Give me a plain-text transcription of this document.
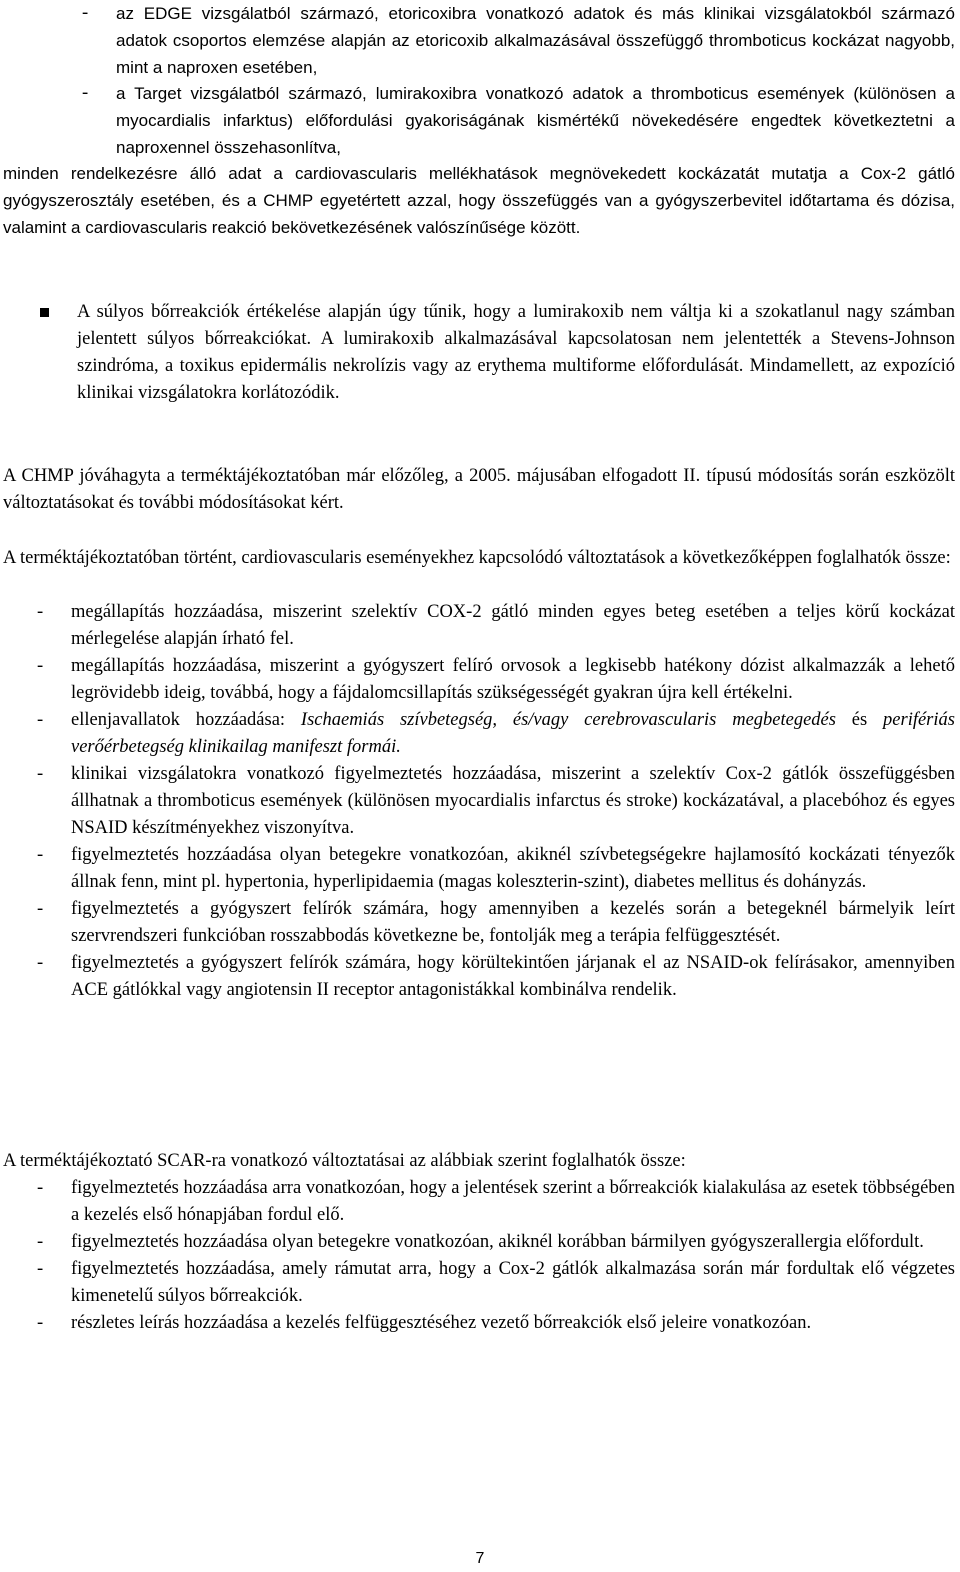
-	az EDGE vizsgálatból származó, etoricoxibra vonatkozó adatok és más klinikai vizsgálatokból származó adatok csoportos elemzése alapján az etoricoxib alkalmazásával összefüggő thromboticus kockázat nagyobb, mint a naproxen esetében,
-	a Target vizsgálatból származó, lumirakoxibra vonatkozó adatok a thromboticus események (különösen a myocardialis infarktus) előfordulási gyakoriságának kismértékű növekedésére engedtek következtetni a naproxennel összehasonlítva,

minden rendelkezésre álló adat a cardiovascularis mellékhatások megnövekedett kockázatát mutatja a Cox-2 gátló gyógyszerosztály esetében, és a CHMP egyetértett azzal, hogy összefüggés van a gyógyszerbevitel időtartama és dózisa, valamint a cardiovascularis reakció bekövetkezésének valószínűsége között.

A súlyos bőrreakciók értékelése alapján úgy tűnik, hogy a lumirakoxib nem váltja ki a szokatlanul nagy számban jelentett súlyos bőrreakciókat. A lumirakoxib alkalmazásával kapcsolatosan nem jelentették a Stevens-Johnson szindróma, a toxikus epidermális nekrolízis vagy az erythema multiforme előfordulását. Mindamellett, az expozíció klinikai vizsgálatokra korlátozódik.

A CHMP jóváhagyta a terméktájékoztatóban már előzőleg, a 2005. májusában elfogadott II. típusú módosítás során eszközölt változtatásokat és további módosításokat kért.

A terméktájékoztatóban történt, cardiovascularis eseményekhez kapcsolódó változtatások a következőképpen foglalhatók össze:

-	megállapítás hozzáadása, miszerint szelektív COX-2 gátló minden egyes beteg esetében a teljes körű kockázat mérlegelése alapján írható fel.
-	megállapítás hozzáadása, miszerint a gyógyszert felíró orvosok a legkisebb hatékony dózist alkalmazzák a lehető legrövidebb ideig, továbbá, hogy a fájdalomcsillapítás szükségességét gyakran újra kell értékelni.
-	ellenjavallatok hozzáadása: Ischaemiás szívbetegség, és/vagy cerebrovascularis megbetegedés és perifériás verőérbetegség klinikailag manifeszt formái.
-	klinikai vizsgálatokra vonatkozó figyelmeztetés hozzáadása, miszerint a szelektív Cox-2 gátlók összefüggésben állhatnak a thromboticus események (különösen myocardialis infarctus és stroke) kockázatával, a placebóhoz és egyes NSAID készítményekhez viszonyítva.
-	figyelmeztetés hozzáadása olyan betegekre vonatkozóan, akiknél szívbetegségekre hajlamosító kockázati tényezők állnak fenn, mint pl. hypertonia, hyperlipidaemia (magas koleszterin-szint), diabetes mellitus és dohányzás.
-	figyelmeztetés a gyógyszert felírók számára, hogy amennyiben a kezelés során a betegeknél bármelyik leírt szervrendszeri funkcióban rosszabbodás következne be, fontolják meg a terápia felfüggesztését.
-	figyelmeztetés a gyógyszert felírók számára, hogy körültekintően járjanak el az NSAID-ok felírásakor, amennyiben ACE gátlókkal vagy angiotensin II receptor antagonistákkal kombinálva rendelik.

A terméktájékoztató SCAR-ra vonatkozó változtatásai az alábbiak szerint foglalhatók össze:

-	figyelmeztetés hozzáadása arra vonatkozóan, hogy a jelentések szerint a bőrreakciók kialakulása az esetek többségében a kezelés első hónapjában fordul elő.
-	figyelmeztetés hozzáadása olyan betegekre vonatkozóan, akiknél korábban bármilyen gyógyszerallergia előfordult.
-	figyelmeztetés hozzáadása, amely rámutat arra, hogy a Cox-2 gátlók alkalmazása során már fordultak elő végzetes kimenetelű súlyos bőrreakciók.
-	részletes leírás hozzáadása a kezelés felfüggesztéséhez vezető bőrreakciók első jeleire vonatkozóan.
7
